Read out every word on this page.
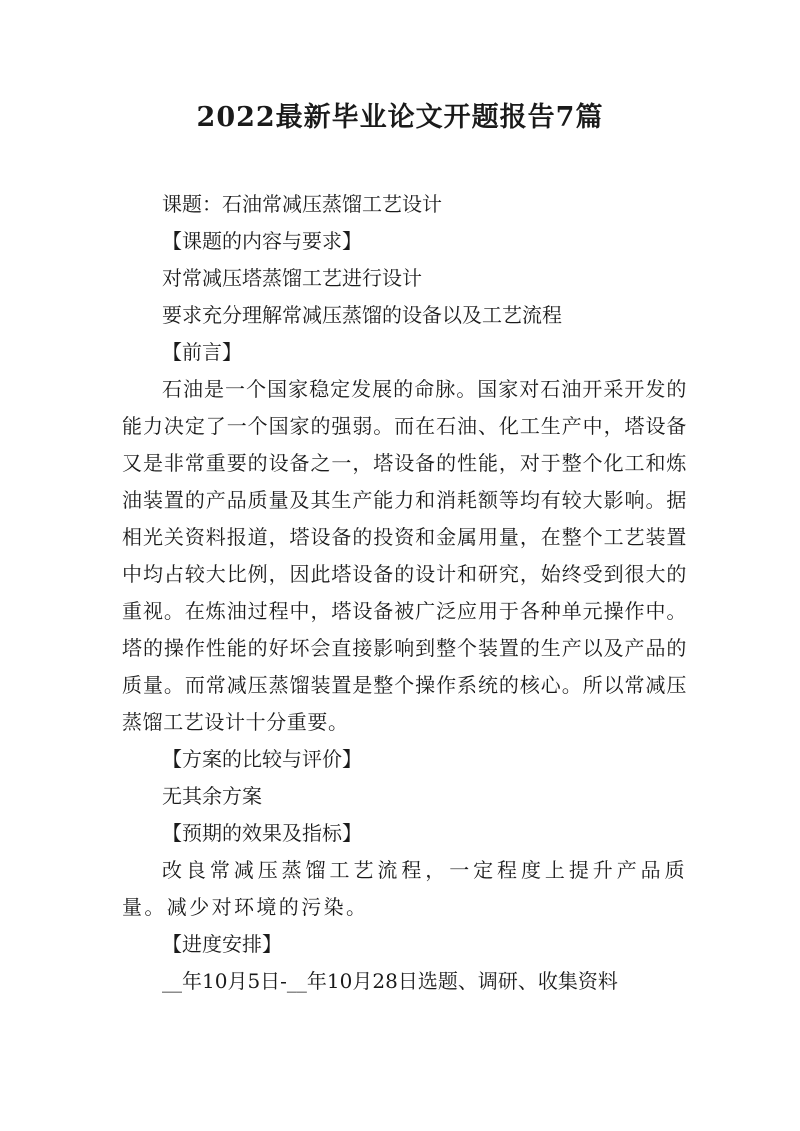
2022最新毕业论文开题报告7篇

课题：石油常减压蒸馏工艺设计

【课题的内容与要求】

对常减压塔蒸馏工艺进行设计

要求充分理解常减压蒸馏的设备以及工艺流程

【前言】

石油是一个国家稳定发展的命脉。国家对石油开采开发的能力决定了一个国家的强弱。而在石油、化工生产中，塔设备又是非常重要的设备之一，塔设备的性能，对于整个化工和炼油装置的产品质量及其生产能力和消耗额等均有较大影响。据相光关资料报道，塔设备的投资和金属用量，在整个工艺装置中均占较大比例，因此塔设备的设计和研究，始终受到很大的重视。在炼油过程中，塔设备被广泛应用于各种单元操作中。塔的操作性能的好坏会直接影响到整个装置的生产以及产品的质量。而常减压蒸馏装置是整个操作系统的核心。所以常减压蒸馏工艺设计十分重要。

【方案的比较与评价】

无其余方案

【预期的效果及指标】

改良常减压蒸馏工艺流程，一定程度上提升产品质量。减少对环境的污染。

【进度安排】

__年10月5日-__年10月28日选题、调研、收集资料
